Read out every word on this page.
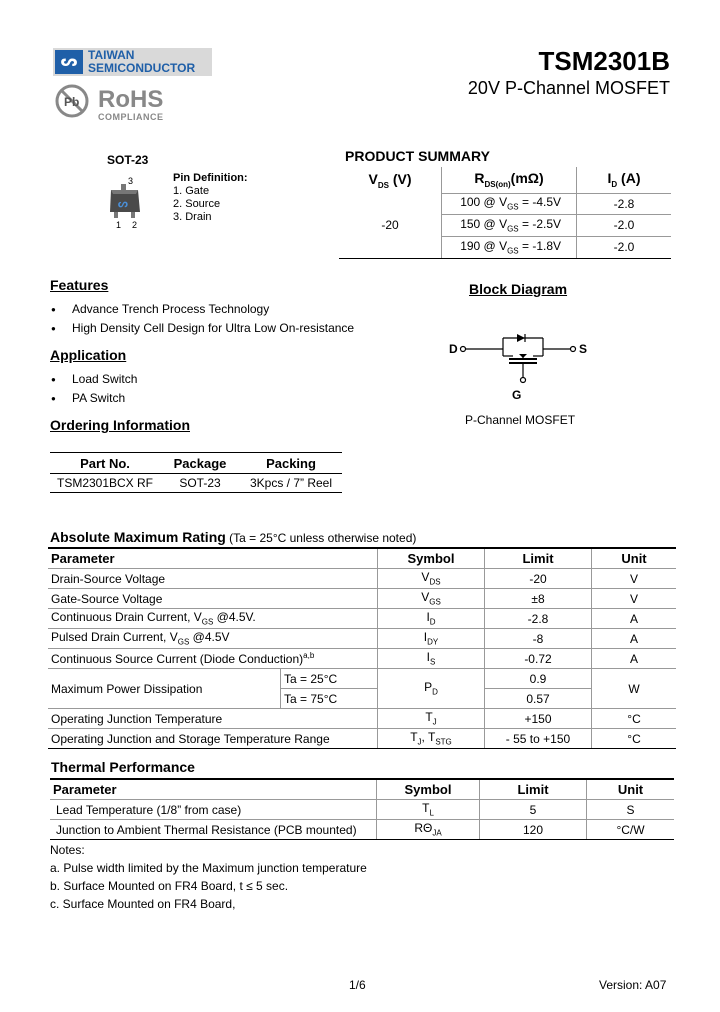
ᔕ TAIWAN
SEMICONDUCTOR
Pb RoHS
COMPLIANCE
TSM2301B
20V P-Channel MOSFET
SOT-23
3
ᔕ
1 2
Pin Definition:
1. Gate
2. Source
3. Drain
PRODUCT SUMMARY
$V_{DS}$ (V)	$R_{DS(on)}(m\Omega)$	$I_D$ (A)
-20	100 @ $V_{GS} = -4.5V$	-2.8
	150 @ $V_{GS} = -2.5V$	-2.0
	190 @ $V_{GS} = -1.8V$	-2.0
Features
● Advance Trench Process Technology
● High Density Cell Design for Ultra Low On-resistance
Application
● Load Switch
● PA Switch
Ordering Information
Part No.	Package	Packing
TSM2301BCX RF	SOT-23	3Kpcs / 7” Reel
Block Diagram
D	S
G
P-Channel MOSFET
Absolute Maximum Rating (Ta = 25°C unless otherwise noted)
Parameter		Symbol	Limit	Unit
Drain-Source Voltage		$V_{DS}$	-20	V
Gate-Source Voltage		$V_{GS}$	±8	V
Continuous Drain Current, $V_{GS}$ @4.5V.		$I_D$	-2.8	A
Pulsed Drain Current, $V_{GS}$ @4.5V		$I_{DY}$	-8	A
Continuous Source Current (Diode Conduction)$^{a,b}$		$I_S$	-0.72	A
Maximum Power Dissipation	Ta = 25°C	$P_D$	0.9	W
	Ta = 75°C		0.57	
Operating Junction Temperature		$T_J$	+150	°C
Operating Junction and Storage Temperature Range		$T_J$, $T_{STG}$	- 55 to +150	°C
Thermal Performance
Parameter	Symbol	Limit	Unit
Lead Temperature (1/8” from case)	$T_L$	5	S
Junction to Ambient Thermal Resistance (PCB mounted)	$R\Theta_{JA}$	120	°C/W
Notes:
a. Pulse width limited by the Maximum junction temperature
b. Surface Mounted on FR4 Board, t ≤ 5 sec.
c. Surface Mounted on FR4 Board,
1/6	Version: A07
